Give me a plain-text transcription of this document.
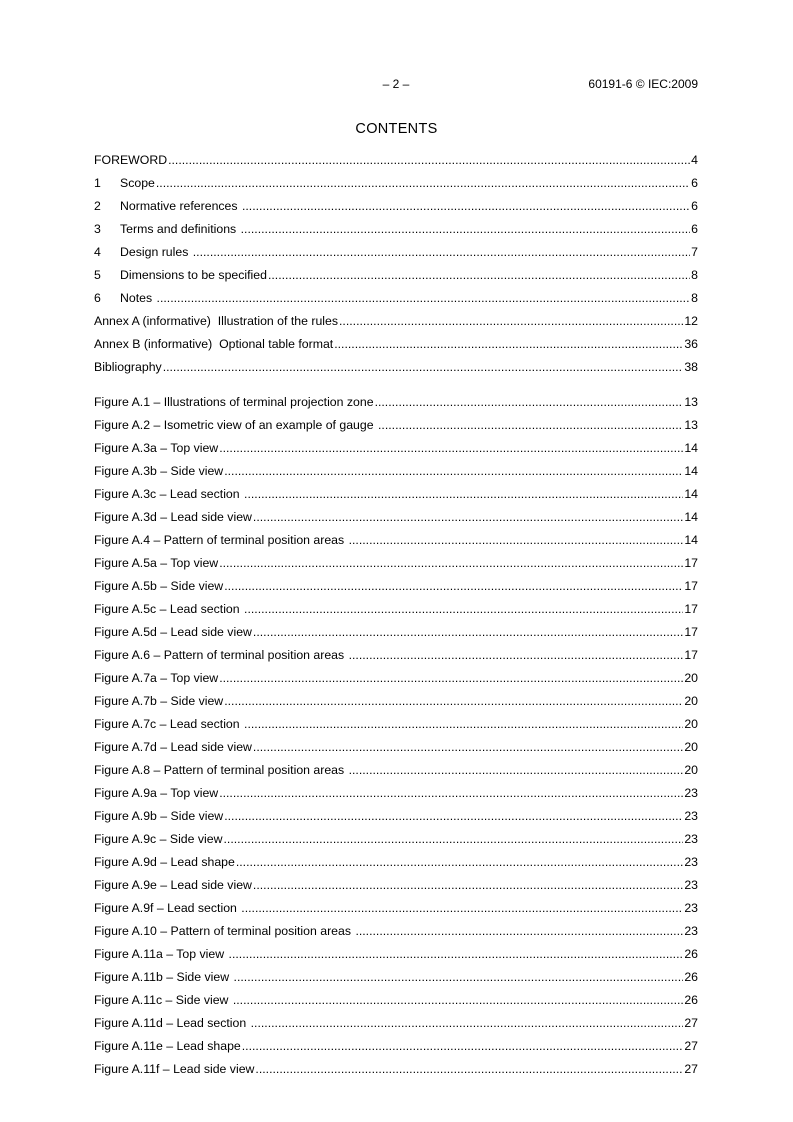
– 2 –	60191-6 © IEC:2009
CONTENTS
FOREWORD .....	4
1	Scope .....	6
2	Normative references .....	6
3	Terms and definitions .....	6
4	Design rules .....	7
5	Dimensions to be specified .....	8
6	Notes .....	8
Annex A (informative)  Illustration of the rules .....	12
Annex B (informative)  Optional table format .....	36
Bibliography .....	38
Figure A.1 – Illustrations of terminal projection zone .....	13
Figure A.2 – Isometric view of an example of gauge .....	13
Figure A.3a – Top view .....	14
Figure A.3b – Side view .....	14
Figure A.3c – Lead section .....	14
Figure A.3d – Lead side view .....	14
Figure A.4 – Pattern of terminal position areas .....	14
Figure A.5a – Top view .....	17
Figure A.5b – Side view .....	17
Figure A.5c – Lead section .....	17
Figure A.5d – Lead side view .....	17
Figure A.6 – Pattern of terminal position areas .....	17
Figure A.7a – Top view .....	20
Figure A.7b – Side view .....	20
Figure A.7c – Lead section .....	20
Figure A.7d – Lead side view .....	20
Figure A.8 – Pattern of terminal position areas .....	20
Figure A.9a – Top view .....	23
Figure A.9b – Side view .....	23
Figure A.9c – Side view .....	23
Figure A.9d – Lead shape .....	23
Figure A.9e – Lead side view .....	23
Figure A.9f – Lead section .....	23
Figure A.10 – Pattern of terminal position areas .....	23
Figure A.11a – Top view .....	26
Figure A.11b – Side view .....	26
Figure A.11c – Side view .....	26
Figure A.11d – Lead section .....	27
Figure A.11e – Lead shape .....	27
Figure A.11f – Lead side view .....	27
